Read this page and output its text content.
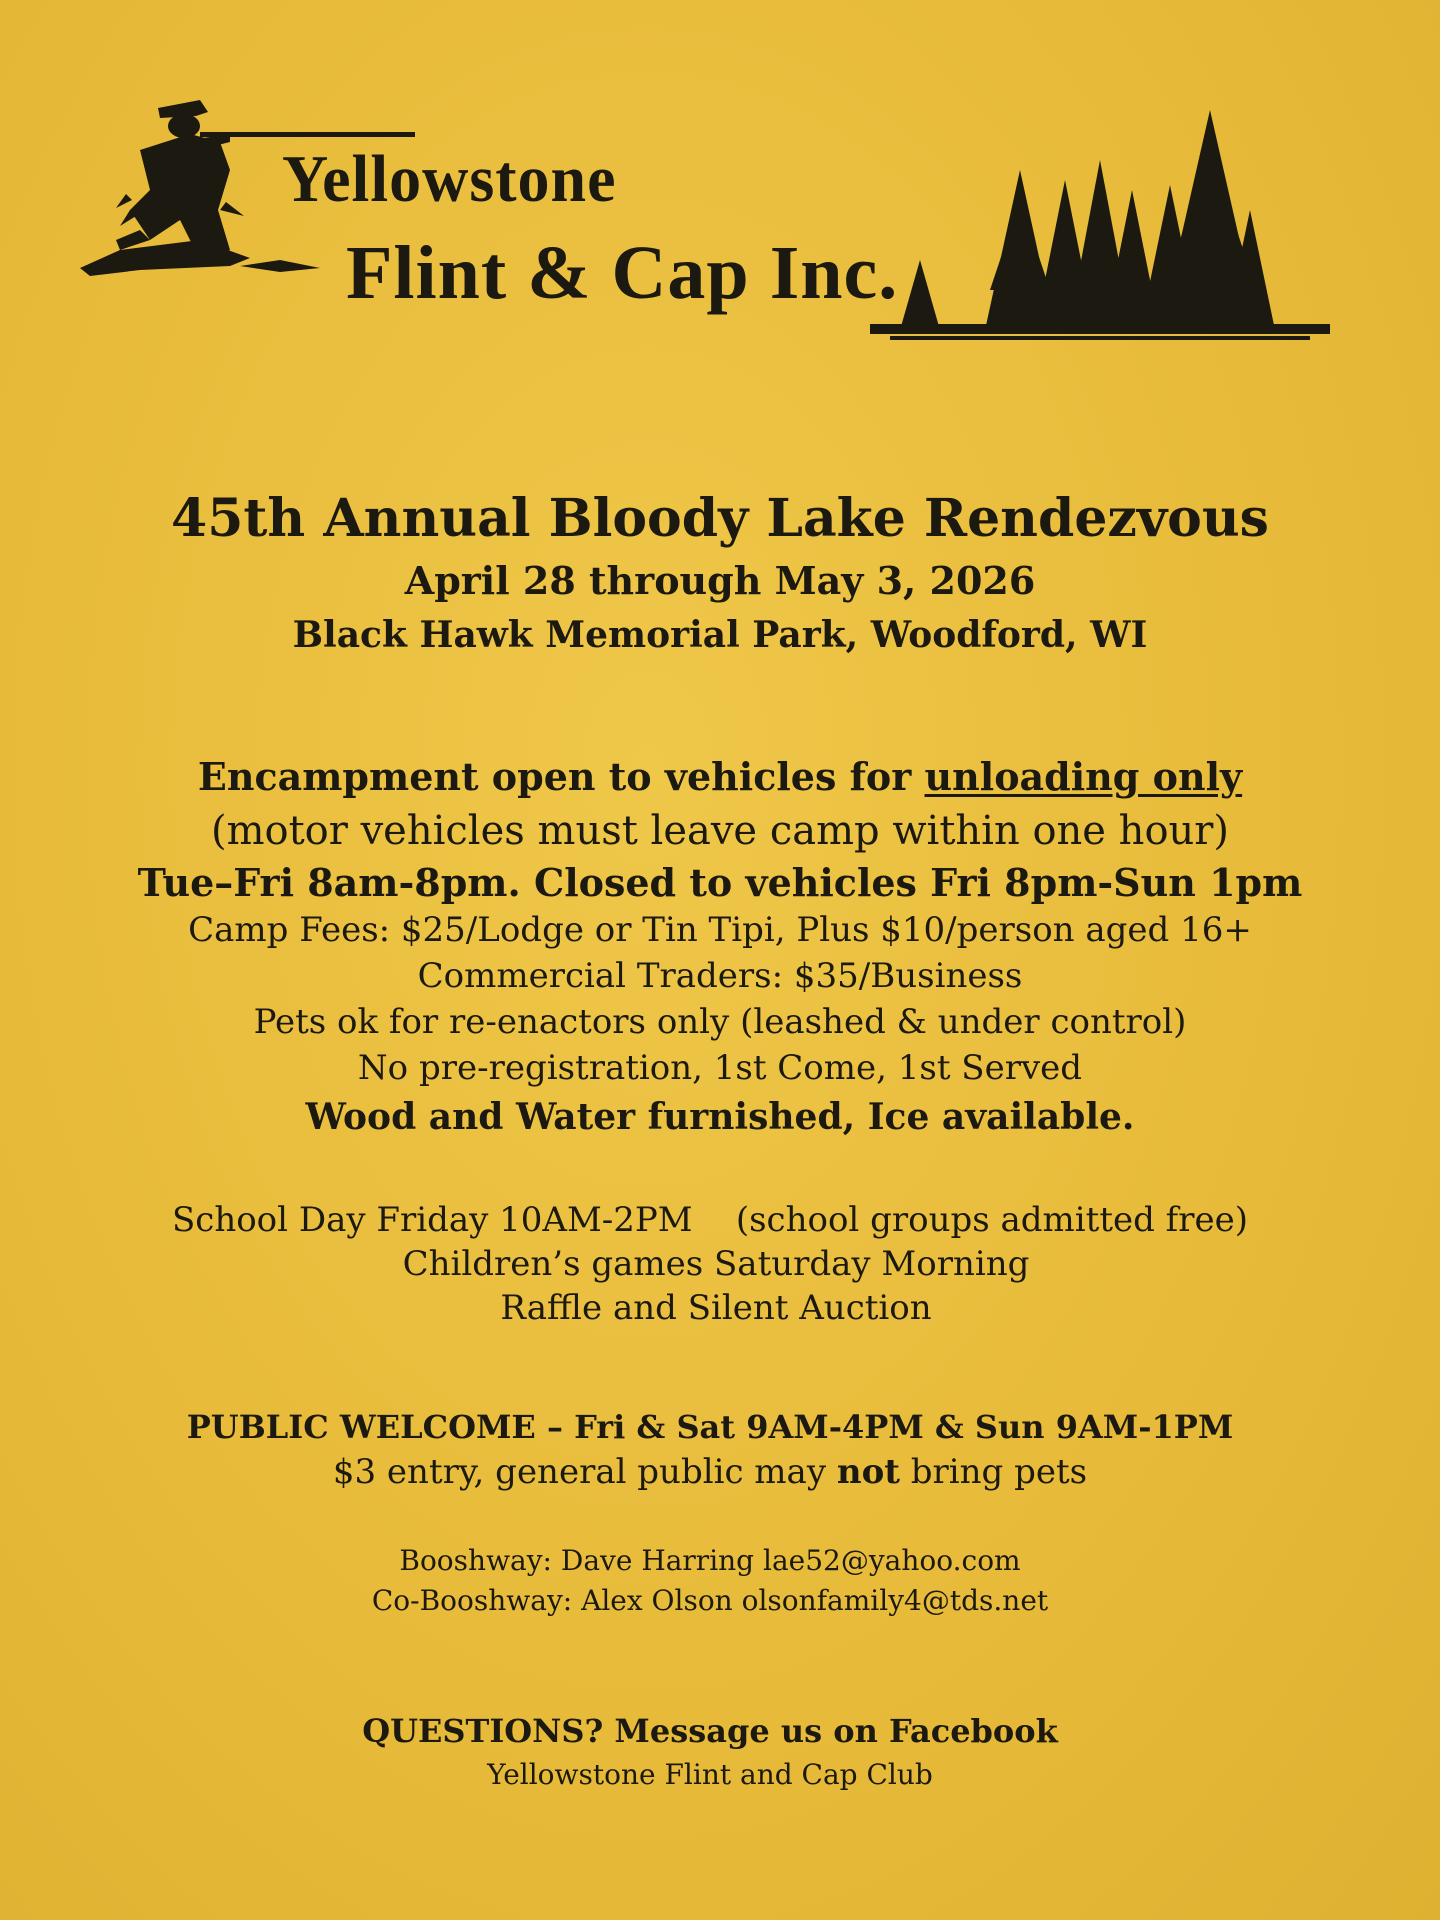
Yellowstone
Flint & Cap Inc.
45th Annual Bloody Lake Rendezvous
April 28 through May 3, 2026
Black Hawk Memorial Park, Woodford, WI
Encampment open to vehicles for unloading only
(motor vehicles must leave camp within one hour)
Tue–Fri 8am-8pm. Closed to vehicles Fri 8pm-Sun 1pm
Camp Fees: $25/Lodge or Tin Tipi, Plus $10/person aged 16+
Commercial Traders: $35/Business
Pets ok for re-enactors only (leashed & under control)
No pre-registration, 1st Come, 1st Served
Wood and Water furnished, Ice available.
School Day Friday 10AM-2PM    (school groups admitted free)
Children’s games Saturday Morning
Raffle and Silent Auction
PUBLIC WELCOME – Fri & Sat 9AM-4PM & Sun 9AM-1PM
$3 entry, general public may not bring pets
Booshway: Dave Harring lae52@yahoo.com
Co-Booshway: Alex Olson olsonfamily4@tds.net
QUESTIONS? Message us on Facebook
Yellowstone Flint and Cap Club
